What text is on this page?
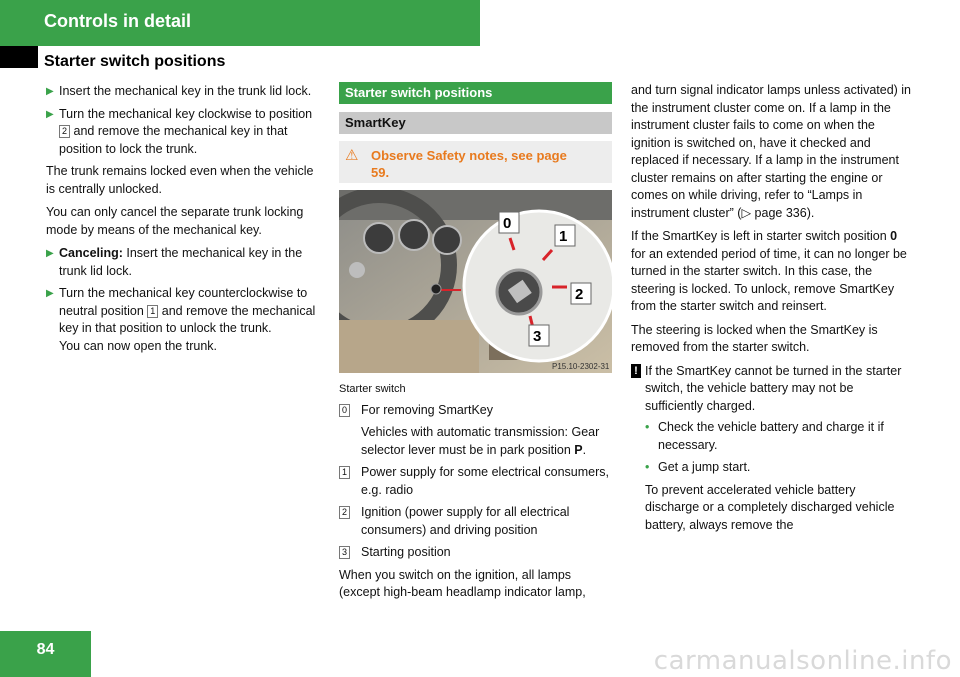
Controls in detail
Starter switch positions
▶ Insert the mechanical key in the trunk lid lock.
▶ Turn the mechanical key clockwise to position 2 and remove the mechanical key in that position to lock the trunk.

The trunk remains locked even when the vehicle is centrally unlocked.

You can only cancel the separate trunk locking mode by means of the mechanical key.

▶ Canceling: Insert the mechanical key in the trunk lid lock.
▶ Turn the mechanical key counterclockwise to neutral position 1 and remove the mechanical key in that position to unlock the trunk.
You can now open the trunk.
Starter switch positions
SmartKey
⚠ Observe Safety notes, see page 59.
0
1
2
3
P15.10-2302-31
Starter switch
0	For removing SmartKey
Vehicles with automatic transmission: Gear selector lever must be in park position P.
1	Power supply for some electrical consumers, e.g. radio
2	Ignition (power supply for all electrical consumers) and driving position
3	Starting position

When you switch on the ignition, all lamps (except high-beam headlamp indicator lamp,

and turn signal indicator lamps unless activated) in the instrument cluster come on. If a lamp in the instrument cluster fails to come on when the ignition is switched on, have it checked and replaced if necessary. If a lamp in the instrument cluster remains on after starting the engine or comes on while driving, refer to “Lamps in instrument cluster” (▷ page 336).

If the SmartKey is left in starter switch position 0 for an extended period of time, it can no longer be turned in the starter switch. In this case, the steering is locked. To unlock, remove SmartKey from the starter switch and reinsert.

The steering is locked when the SmartKey is removed from the starter switch.

! If the SmartKey cannot be turned in the starter switch, the vehicle battery may not be sufficiently charged.
• Check the vehicle battery and charge it if necessary.
• Get a jump start.

To prevent accelerated vehicle battery discharge or a completely discharged vehicle battery, always remove the

84	carmanualsonline.info
